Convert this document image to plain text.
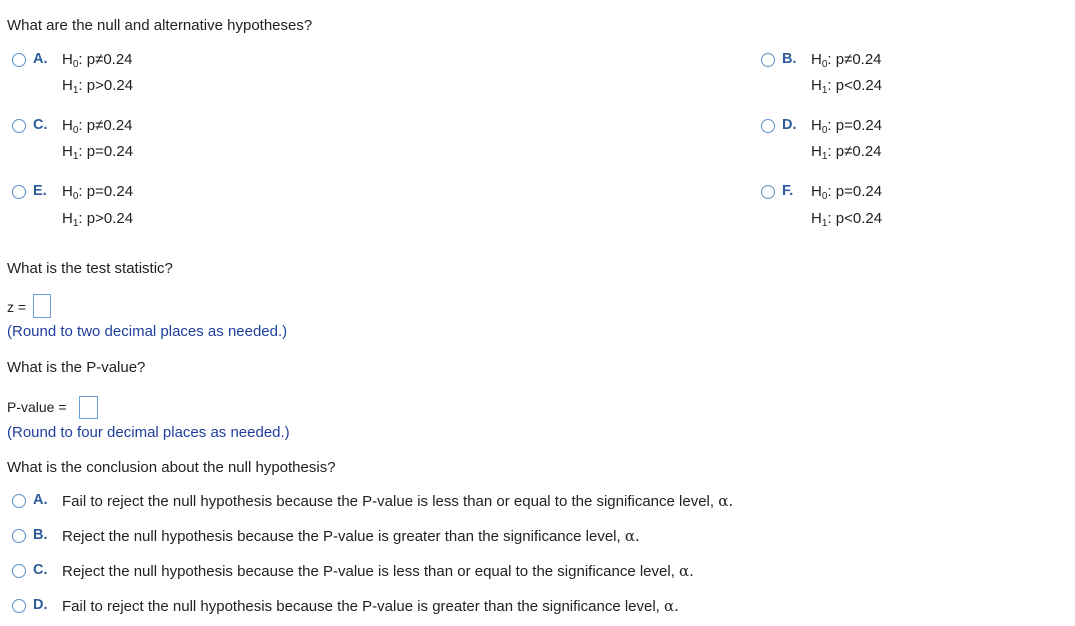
What are the null and alternative hypotheses?
A. $H_0$: p≠0.24
$H_1$: p>0.24
B. $H_0$: p≠0.24
$H_1$: p<0.24
C. $H_0$: p≠0.24
$H_1$: p=0.24
D. $H_0$: p=0.24
$H_1$: p≠0.24
E. $H_0$: p=0.24
$H_1$: p>0.24
F. $H_0$: p=0.24
$H_1$: p<0.24
What is the test statistic?
z =
(Round to two decimal places as needed.)
What is the P-value?
P-value =
(Round to four decimal places as needed.)
What is the conclusion about the null hypothesis?
A. Fail to reject the null hypothesis because the P-value is less than or equal to the significance level, α.
B. Reject the null hypothesis because the P-value is greater than the significance level, α.
C. Reject the null hypothesis because the P-value is less than or equal to the significance level, α.
D. Fail to reject the null hypothesis because the P-value is greater than the significance level, α.
